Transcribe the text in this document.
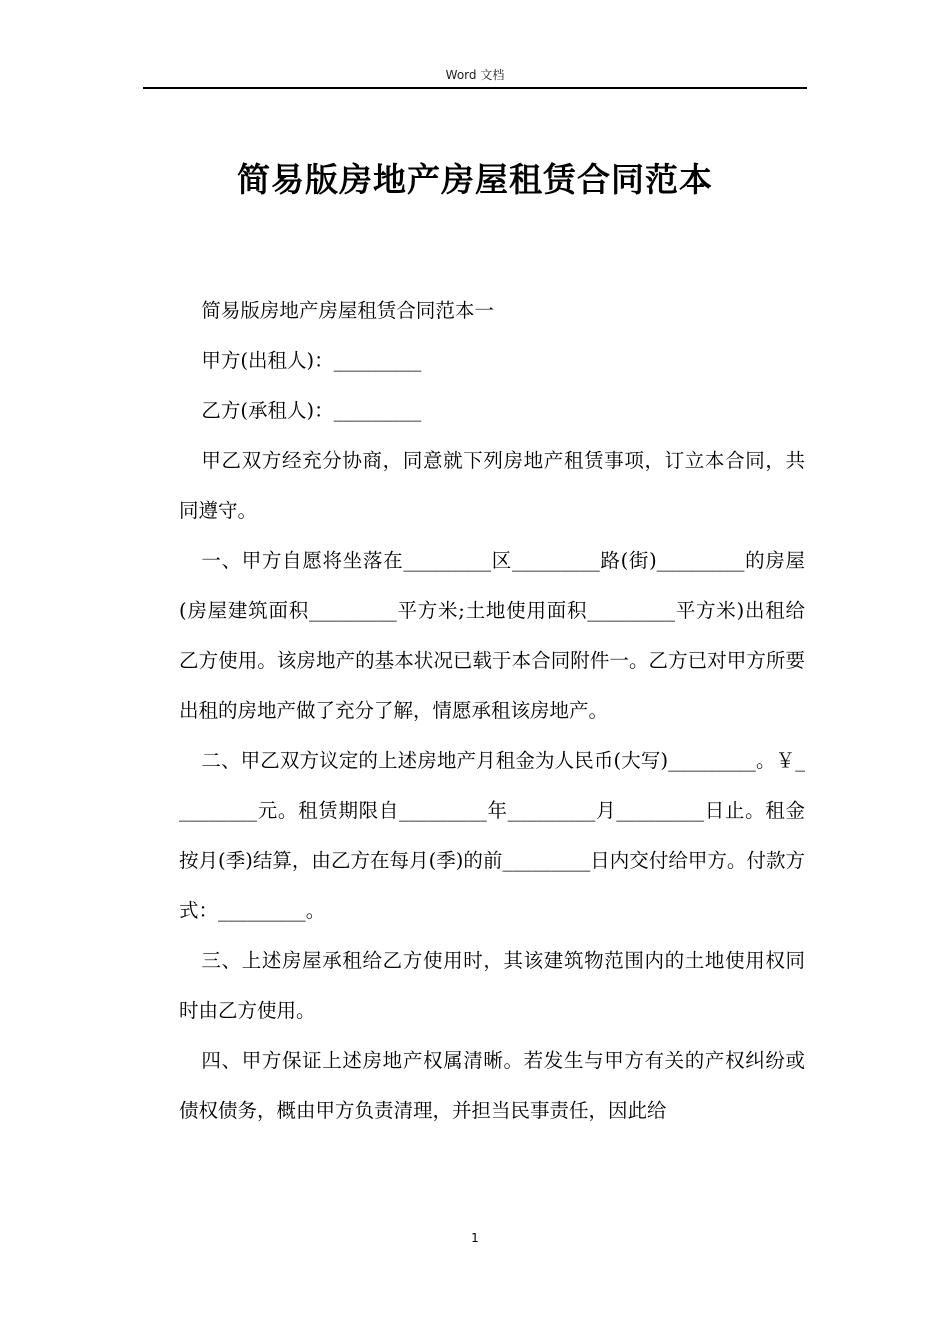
Word 文档
简易版房地产房屋租赁合同范本

简易版房地产房屋租赁合同范本一

甲方(出租人)：_________

乙方(承租人)：_________

甲乙双方经充分协商，同意就下列房地产租赁事项，订立本合同，共同遵守。

一、甲方自愿将坐落在_________区_________路(街)_________的房屋(房屋建筑面积_________平方米;土地使用面积_________平方米)出租给乙方使用。该房地产的基本状况已载于本合同附件一。乙方已对甲方所要出租的房地产做了充分了解，情愿承租该房地产。

二、甲乙双方议定的上述房地产月租金为人民币(大写)_________。￥_________元。租赁期限自_________年_________月_________日止。租金按月(季)结算，由乙方在每月(季)的前_________日内交付给甲方。付款方式：_________。

三、上述房屋承租给乙方使用时，其该建筑物范围内的土地使用权同时由乙方使用。

四、甲方保证上述房地产权属清晰。若发生与甲方有关的产权纠纷或债权债务，概由甲方负责清理，并担当民事责任，因此给

1
